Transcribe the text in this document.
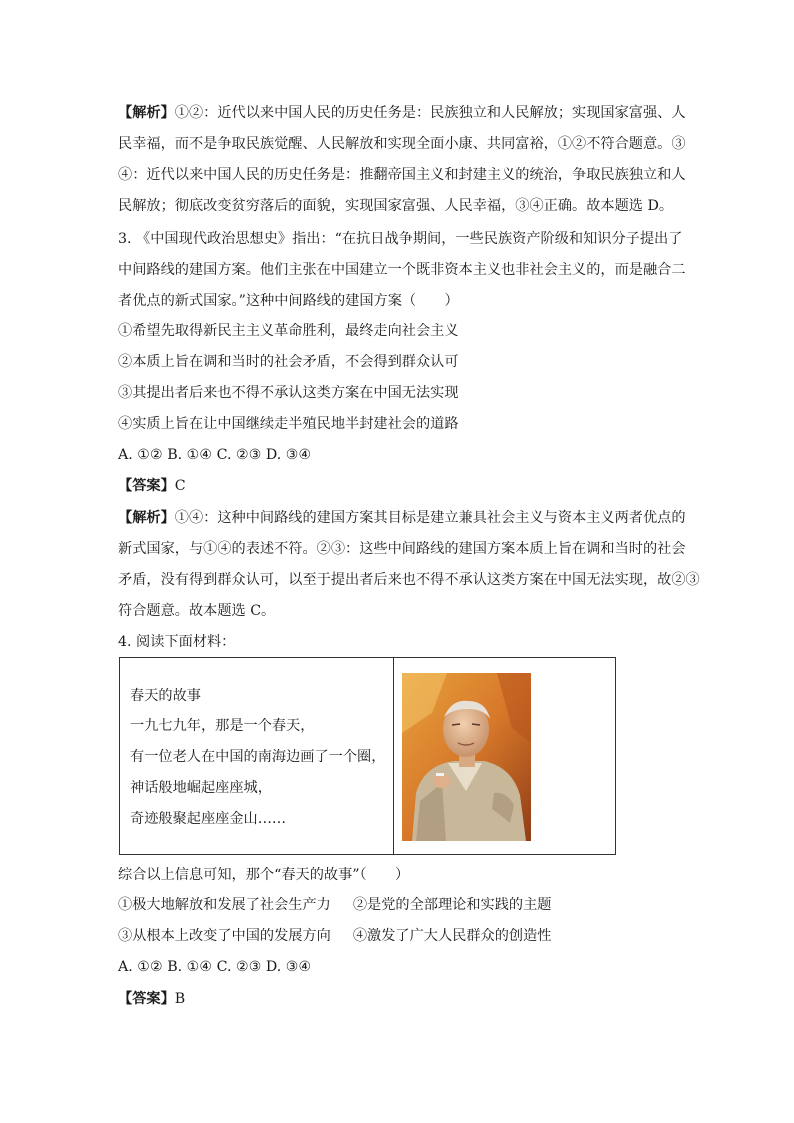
【解析】①②：近代以来中国人民的历史任务是：民族独立和人民解放；实现国家富强、人
民幸福，而不是争取民族觉醒、人民解放和实现全面小康、共同富裕，①②不符合题意。③
④：近代以来中国人民的历史任务是：推翻帝国主义和封建主义的统治，争取民族独立和人
民解放；彻底改变贫穷落后的面貌，实现国家富强、人民幸福，③④正确。故本题选 D。
3. 《中国现代政治思想史》指出：“在抗日战争期间，一些民族资产阶级和知识分子提出了
中间路线的建国方案。他们主张在中国建立一个既非资本主义也非社会主义的，而是融合二
者优点的新式国家。”这种中间路线的建国方案（　　）
①希望先取得新民主主义革命胜利，最终走向社会主义
②本质上旨在调和当时的社会矛盾，不会得到群众认可
③其提出者后来也不得不承认这类方案在中国无法实现
④实质上旨在让中国继续走半殖民地半封建社会的道路
A. ①② B. ①④ C. ②③ D. ③④
【答案】C
【解析】①④：这种中间路线的建国方案其目标是建立兼具社会主义与资本主义两者优点的
新式国家，与①④的表述不符。②③：这些中间路线的建国方案本质上旨在调和当时的社会
矛盾，没有得到群众认可，以至于提出者后来也不得不承认这类方案在中国无法实现，故②③
符合题意。故本题选 C。
4. 阅读下面材料：
春天的故事
一九七九年，那是一个春天，
有一位老人在中国的南海边画了一个圈，
神话般地崛起座座城，
奇迹般聚起座座金山……
综合以上信息可知，那个“春天的故事”（　　）
①极大地解放和发展了社会生产力 ②是党的全部理论和实践的主题
③从根本上改变了中国的发展方向 ④激发了广大人民群众的创造性
A. ①② B. ①④ C. ②③ D. ③④
【答案】B
